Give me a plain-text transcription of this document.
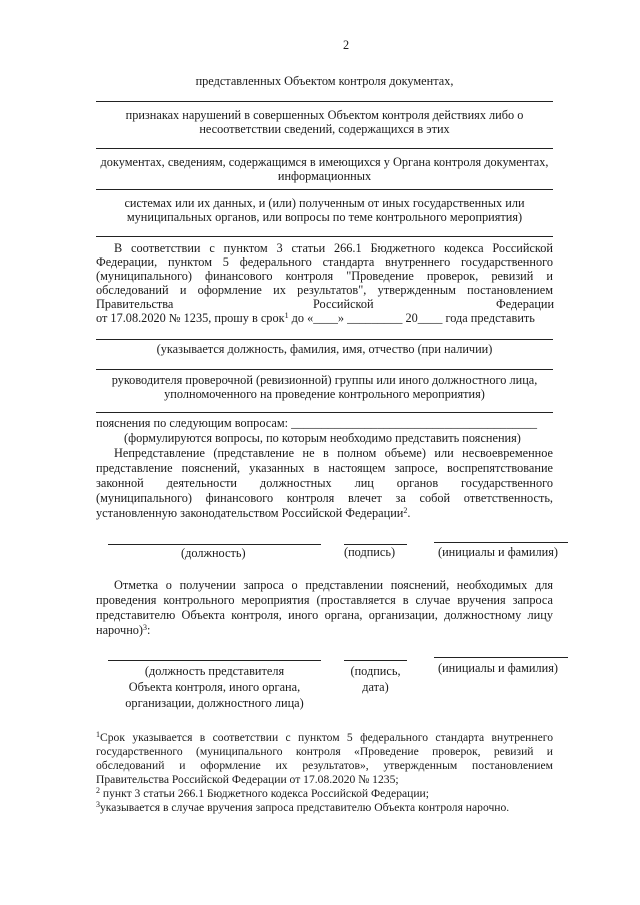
2
представленных Объектом контроля документах,
признаках нарушений в совершенных Объектом контроля действиях либо о
несоответствии сведений, содержащихся в этих
документах, сведениям, содержащимся в имеющихся у Органа контроля документах,
информационных
системах или их данных, и (или) полученным от иных государственных или
муниципальных органов, или вопросы по теме контрольного мероприятия)
В соответствии с пунктом 3 статьи 266.1 Бюджетного кодекса Российской
Федерации, пунктом 5 федерального стандарта внутреннего государственного
(муниципального) финансового контроля "Проведение проверок, ревизий и
обследований и оформление их результатов", утвержденным постановлением
Правительства	Российской	Федерации
от 17.08.2020 № 1235, прошу в срок$^1$ до «____» _________ 20____ года представить
(указывается должность, фамилия, имя, отчество (при наличии)
руководителя проверочной (ревизионной) группы или иного должностного лица,
уполномоченного на проведение контрольного мероприятия)
пояснения по следующим вопросам: ________________________________________
(формулируются вопросы, по которым необходимо представить пояснения)
Непредставление (представление не в полном объеме) или несвоевременное
представление пояснений, указанных в настоящем запросе, воспрепятствование
законной деятельности должностных лиц органов государственного
(муниципального) финансового контроля влечет за собой ответственность,
установленную законодательством Российской Федерации$^2$.
(должность)	(подпись)	(инициалы и фамилия)
Отметка о получении запроса о представлении пояснений, необходимых для
проведения контрольного мероприятия (проставляется в случае вручения запроса
представителю Объекта контроля, иного органа, организации, должностному лицу
нарочно)$^3$:
(должность представителя
Объекта контроля, иного органа,
организации, должностного лица)
(подпись,
дата)
(инициалы и фамилия)
$^1$Срок указывается в соответствии с пунктом 5 федерального стандарта внутреннего
государственного (муниципального контроля «Проведение проверок, ревизий и
обследований и оформление их результатов», утвержденным постановлением
Правительства Российской Федерации от 17.08.2020 № 1235;
$^2$ пункт 3 статьи 266.1 Бюджетного кодекса Российской Федерации;
$^3$указывается в случае вручения запроса представителю Объекта контроля нарочно.
